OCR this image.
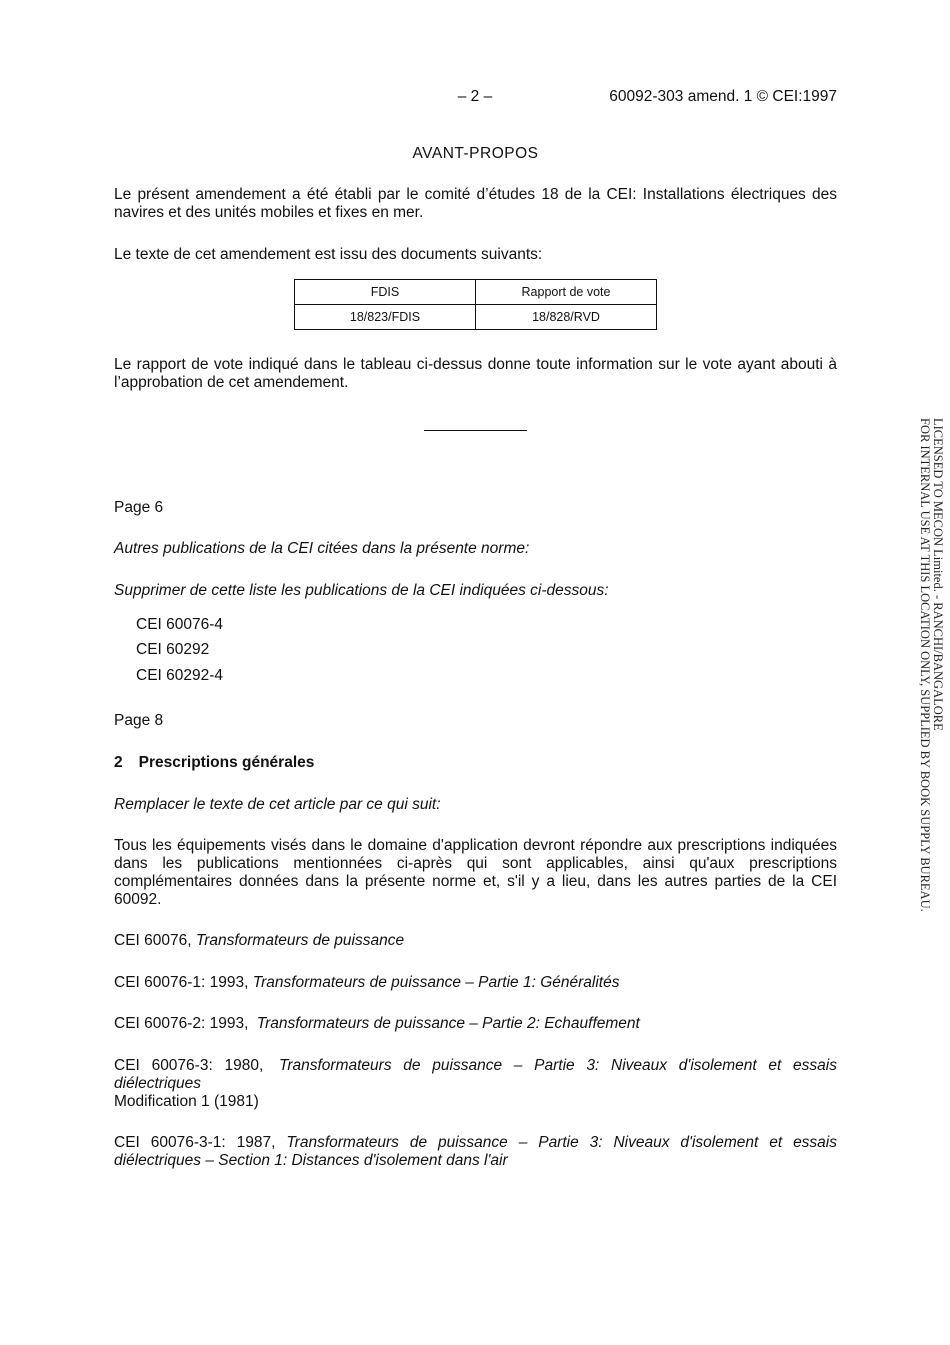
– 2 –	60092-303 amend. 1 © CEI:1997
AVANT-PROPOS
Le présent amendement a été établi par le comité d’études 18 de la CEI: Installations électriques des navires et des unités mobiles et fixes en mer.
Le texte de cet amendement est issu des documents suivants:
FDIS	Rapport de vote
18/823/FDIS	18/828/RVD
Le rapport de vote indiqué dans le tableau ci-dessus donne toute information sur le vote ayant abouti à l’approbation de cet amendement.
Page 6
Autres publications de la CEI citées dans la présente norme:
Supprimer de cette liste les publications de la CEI indiquées ci-dessous:
CEI 60076-4
CEI 60292
CEI 60292-4
Page 8
2 Prescriptions générales
Remplacer le texte de cet article par ce qui suit:
Tous les équipements visés dans le domaine d'application devront répondre aux prescriptions indiquées dans les publications mentionnées ci-après qui sont applicables, ainsi qu'aux prescriptions complémentaires données dans la présente norme et, s'il y a lieu, dans les autres parties de la CEI 60092.
CEI 60076, Transformateurs de puissance
CEI 60076-1: 1993, Transformateurs de puissance – Partie 1: Généralités
CEI 60076-2: 1993, Transformateurs de puissance – Partie 2: Echauffement
CEI 60076-3: 1980, Transformateurs de puissance – Partie 3: Niveaux d'isolement et essais diélectriques
Modification 1 (1981)
CEI 60076-3-1: 1987, Transformateurs de puissance – Partie 3: Niveaux d'isolement et essais diélectriques – Section 1: Distances d'isolement dans l'air
LICENSED TO MECON Limited. - RANCHI/BANGALORE
FOR INTERNAL USE AT THIS LOCATION ONLY, SUPPLIED BY BOOK SUPPLY BUREAU.
